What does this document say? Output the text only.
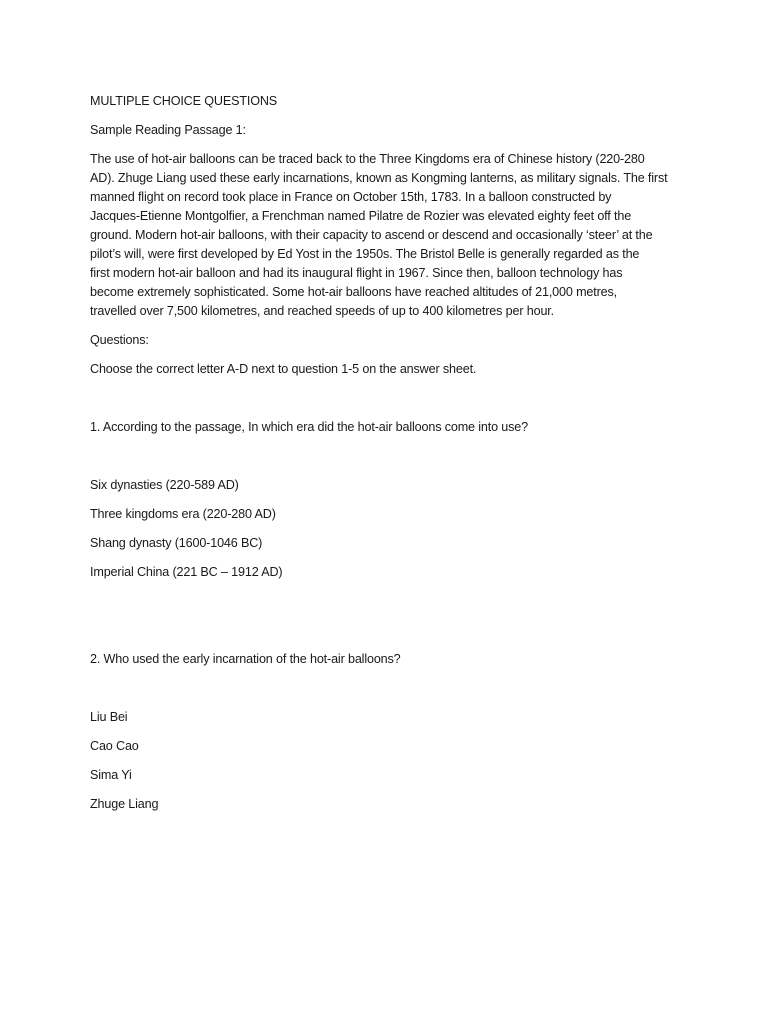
MULTIPLE CHOICE QUESTIONS

Sample Reading Passage 1:

The use of hot-air balloons can be traced back to the Three Kingdoms era of Chinese history (220-280

AD). Zhuge Liang used these early incarnations, known as Kongming lanterns, as military signals. The first

manned flight on record took place in France on October 15th, 1783. In a balloon constructed by

Jacques-Etienne Montgolfier, a Frenchman named Pilatre de Rozier was elevated eighty feet off the

ground. Modern hot-air balloons, with their capacity to ascend or descend and occasionally ‘steer’ at the

pilot’s will, were first developed by Ed Yost in the 1950s. The Bristol Belle is generally regarded as the

first modern hot-air balloon and had its inaugural flight in 1967. Since then, balloon technology has

become extremely sophisticated. Some hot-air balloons have reached altitudes of 21,000 metres,

travelled over 7,500 kilometres, and reached speeds of up to 400 kilometres per hour.

Questions:

Choose the correct letter A-D next to question 1-5 on the answer sheet.

1. According to the passage, In which era did the hot-air balloons come into use?

Six dynasties (220-589 AD)

Three kingdoms era (220-280 AD)

Shang dynasty (1600-1046 BC)

Imperial China (221 BC – 1912 AD)

2. Who used the early incarnation of the hot-air balloons?

Liu Bei

Cao Cao

Sima Yi

Zhuge Liang
